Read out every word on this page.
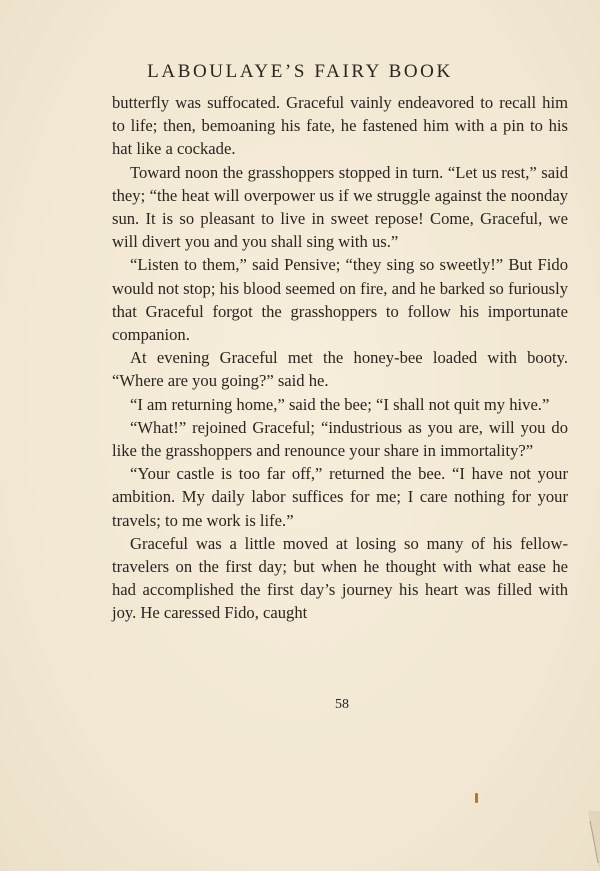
LABOULAYE’S FAIRY BOOK

butterfly was suffocated. Graceful vainly endeavored to recall him to life; then, bemoaning his fate, he fastened him with a pin to his hat like a cockade.

Toward noon the grasshoppers stopped in turn. “Let us rest,” said they; “the heat will overpower us if we struggle against the noonday sun. It is so pleasant to live in sweet repose! Come, Graceful, we will divert you and you shall sing with us.”

“Listen to them,” said Pensive; “they sing so sweetly!” But Fido would not stop; his blood seemed on fire, and he barked so furiously that Graceful forgot the grasshoppers to follow his importunate companion.

At evening Graceful met the honey-bee loaded with booty. “Where are you going?” said he.

“I am returning home,” said the bee; “I shall not quit my hive.”

“What!” rejoined Graceful; “industrious as you are, will you do like the grasshoppers and renounce your share in immortality?”

“Your castle is too far off,” returned the bee. “I have not your ambition. My daily labor suffices for me; I care nothing for your travels; to me work is life.”

Graceful was a little moved at losing so many of his fellow-travelers on the first day; but when he thought with what ease he had accomplished the first day’s journey his heart was filled with joy. He caressed Fido, caught

58
